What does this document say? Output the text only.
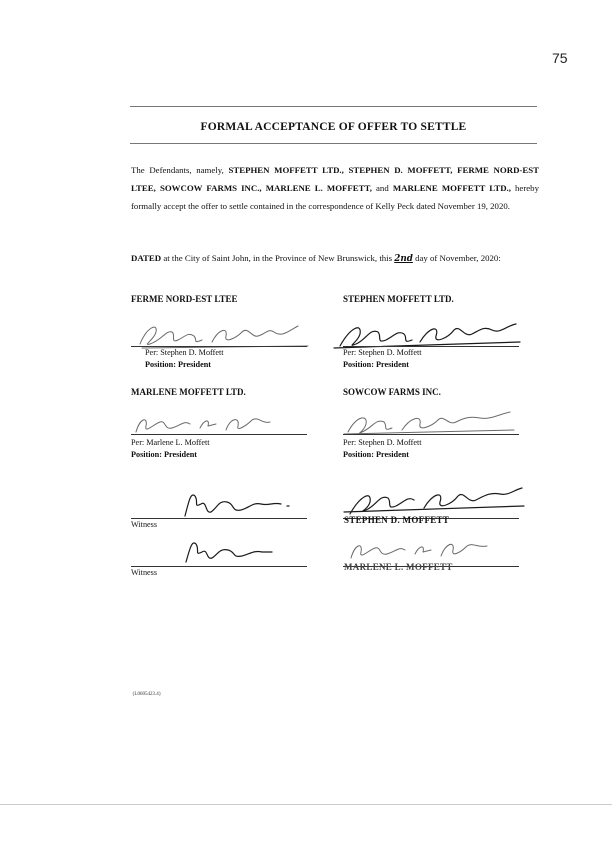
75
FORMAL ACCEPTANCE OF OFFER TO SETTLE
The Defendants, namely, STEPHEN MOFFETT LTD., STEPHEN D. MOFFETT, FERME NORD-EST LTEE, SOWCOW FARMS INC., MARLENE L. MOFFETT, and MARLENE MOFFETT LTD., hereby formally accept the offer to settle contained in the correspondence of Kelly Peck dated November 19, 2020.
DATED at the City of Saint John, in the Province of New Brunswick, this 2nd day of November, 2020:
FERME NORD-EST LTEE
Per: Stephen D. Moffett
Position: President
STEPHEN MOFFETT LTD.
Per: Stephen D. Moffett
Position: President
MARLENE MOFFETT LTD.
Per: Marlene L. Moffett
Position: President
SOWCOW FARMS INC.
Per: Stephen D. Moffett
Position: President
Witness	STEPHEN D. MOFFETT
Witness
MARLENE L. MOFFETT
{L0605423.4}
